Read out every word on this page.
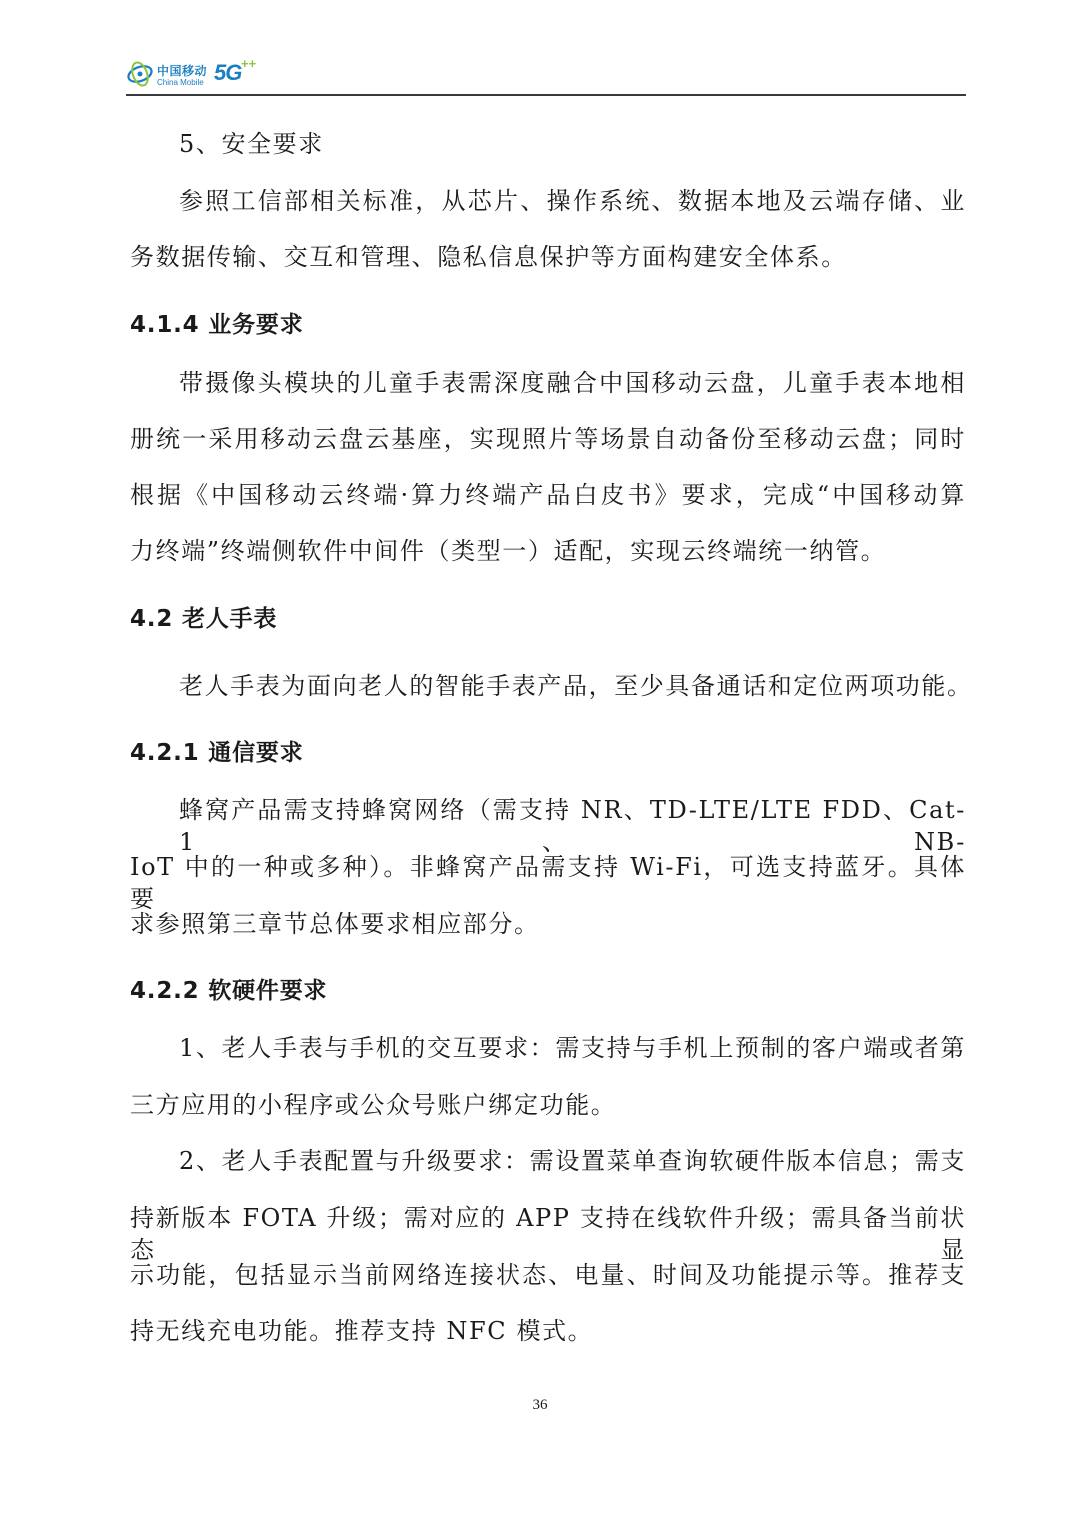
中国移动
China Mobile 5G ++
5、安全要求
参照工信部相关标准，从芯片、操作系统、数据本地及云端存储、业
务数据传输、交互和管理、隐私信息保护等方面构建安全体系。
4.1.4 业务要求
带摄像头模块的儿童手表需深度融合中国移动云盘，儿童手表本地相
册统一采用移动云盘云基座，实现照片等场景自动备份至移动云盘；同时
根据《中国移动云终端·算力终端产品白皮书》要求，完成“中国移动算
力终端”终端侧软件中间件（类型一）适配，实现云终端统一纳管。
4.2 老人手表
老人手表为面向老人的智能手表产品，至少具备通话和定位两项功能。
4.2.1 通信要求
蜂窝产品需支持蜂窝网络（需支持 NR、TD-LTE/LTE FDD、Cat-1、NB-
IoT 中的一种或多种）。非蜂窝产品需支持 Wi-Fi，可选支持蓝牙。具体要
求参照第三章节总体要求相应部分。
4.2.2 软硬件要求
1、老人手表与手机的交互要求：需支持与手机上预制的客户端或者第
三方应用的小程序或公众号账户绑定功能。
2、老人手表配置与升级要求：需设置菜单查询软硬件版本信息；需支
持新版本 FOTA 升级；需对应的 APP 支持在线软件升级；需具备当前状态显
示功能，包括显示当前网络连接状态、电量、时间及功能提示等。推荐支
持无线充电功能。推荐支持 NFC 模式。
36
